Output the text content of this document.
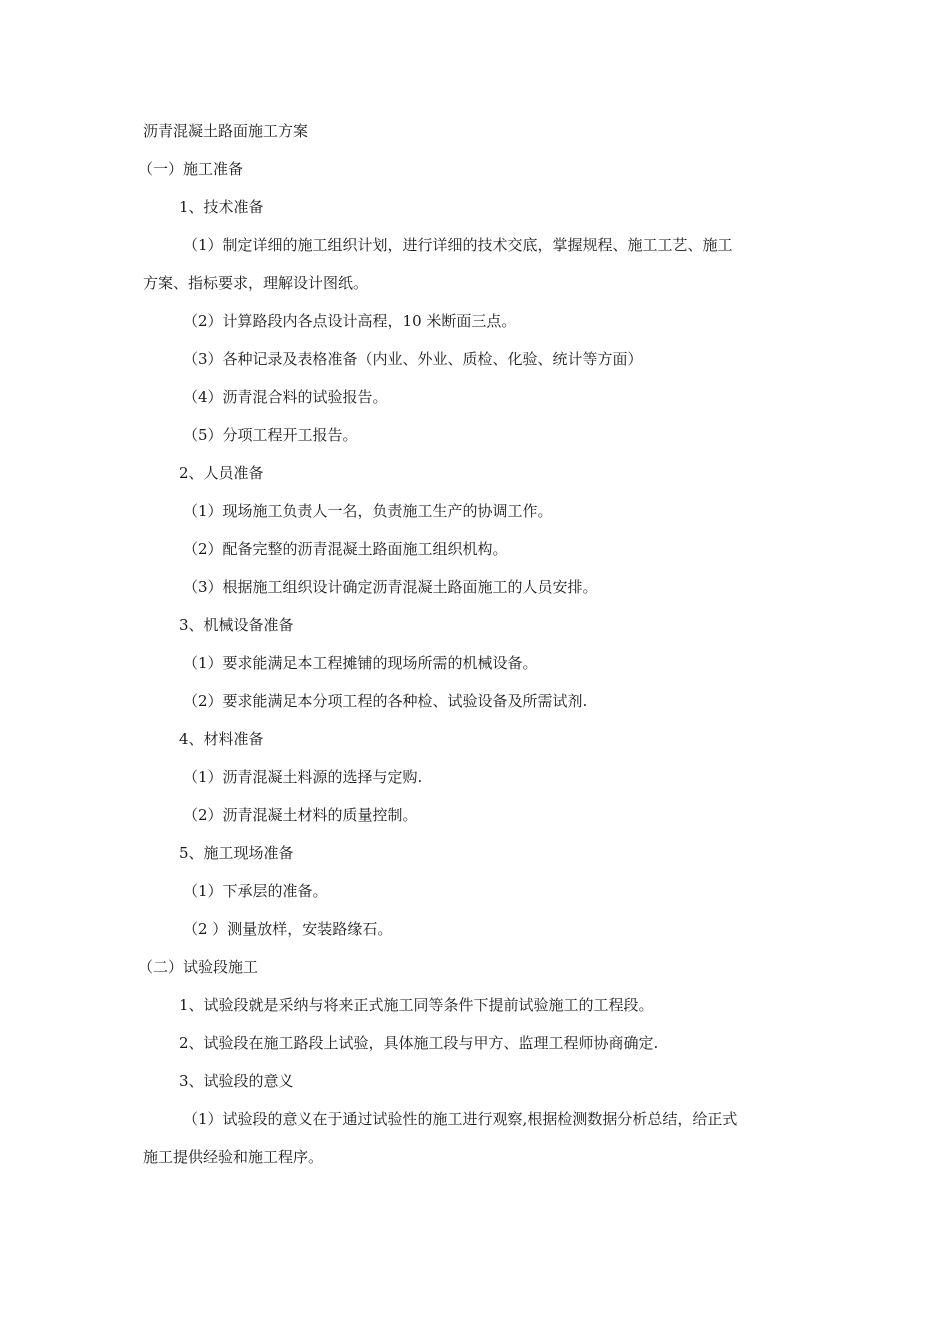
沥青混凝土路面施工方案
（一）施工准备
1、技术准备
（1）制定详细的施工组织计划，进行详细的技术交底，掌握规程、施工工艺、施工
方案、指标要求，理解设计图纸。
（2）计算路段内各点设计高程，10 米断面三点。
（3）各种记录及表格准备（内业、外业、质检、化验、统计等方面）
（4）沥青混合料的试验报告。
（5）分项工程开工报告。
2、人员准备
（1）现场施工负责人一名，负责施工生产的协调工作。
（2）配备完整的沥青混凝土路面施工组织机构。
（3）根据施工组织设计确定沥青混凝土路面施工的人员安排。
3、机械设备准备
（1）要求能满足本工程摊铺的现场所需的机械设备。
（2）要求能满足本分项工程的各种检、试验设备及所需试剂.
4、材料准备
（1）沥青混凝土料源的选择与定购.
（2）沥青混凝土材料的质量控制。
5、施工现场准备
（1）下承层的准备。
（2 ）测量放样，安装路缘石。
（二）试验段施工
1、试验段就是采纳与将来正式施工同等条件下提前试验施工的工程段。
2、试验段在施工路段上试验，具体施工段与甲方、监理工程师协商确定.
3、试验段的意义
（1）试验段的意义在于通过试验性的施工进行观察,根据检测数据分析总结，给正式
施工提供经验和施工程序。
